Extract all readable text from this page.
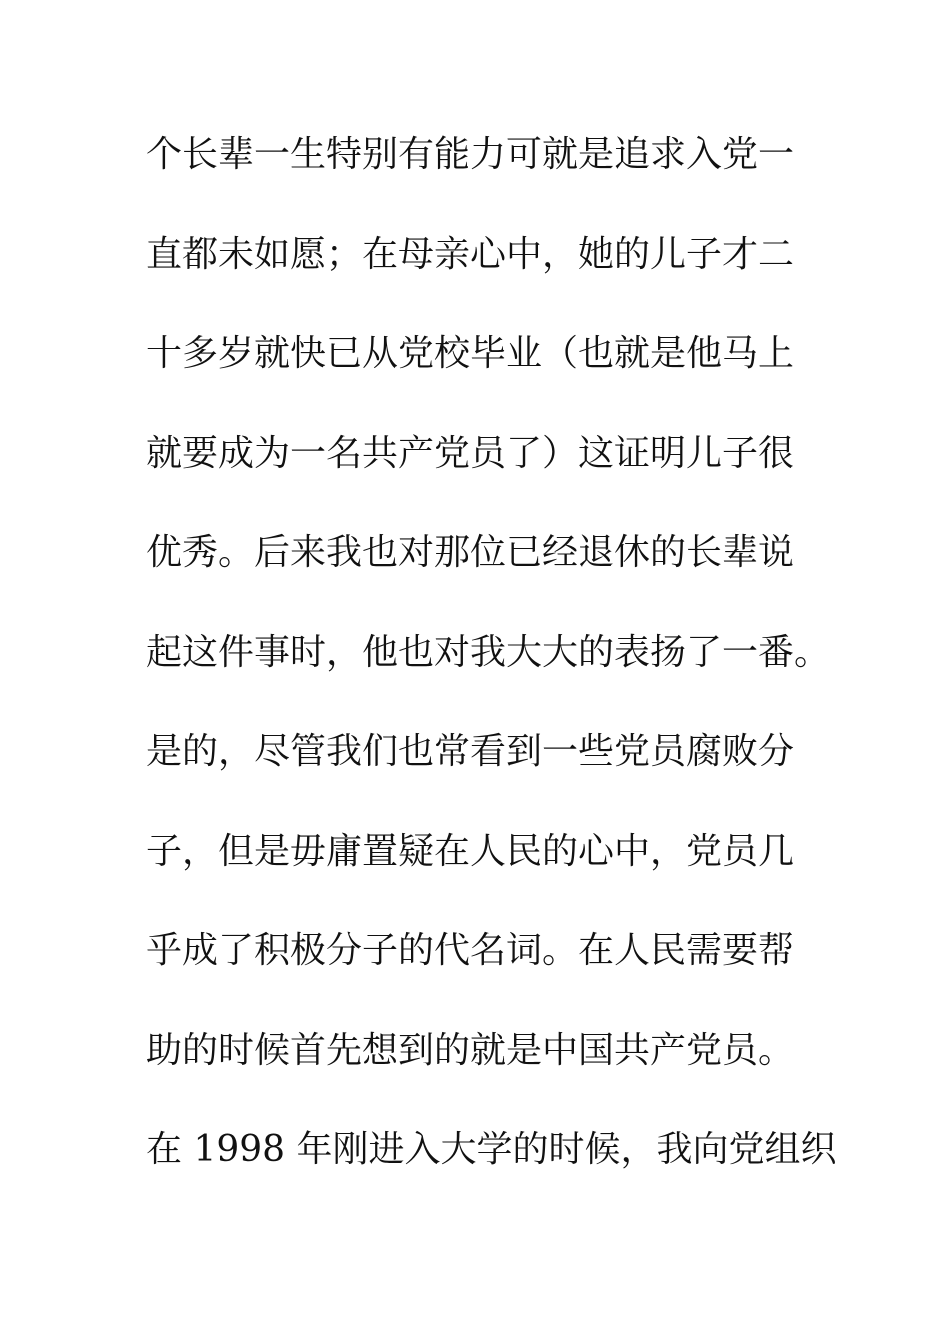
个长辈一生特别有能力可就是追求入党一
直都未如愿；在母亲心中，她的儿子才二
十多岁就快已从党校毕业（也就是他马上
就要成为一名共产党员了）这证明儿子很
优秀。后来我也对那位已经退休的长辈说
起这件事时，他也对我大大的表扬了一番。
是的，尽管我们也常看到一些党员腐败分
子，但是毋庸置疑在人民的心中，党员几
乎成了积极分子的代名词。在人民需要帮
助的时候首先想到的就是中国共产党员。
在 1998 年刚进入大学的时候，我向党组织
